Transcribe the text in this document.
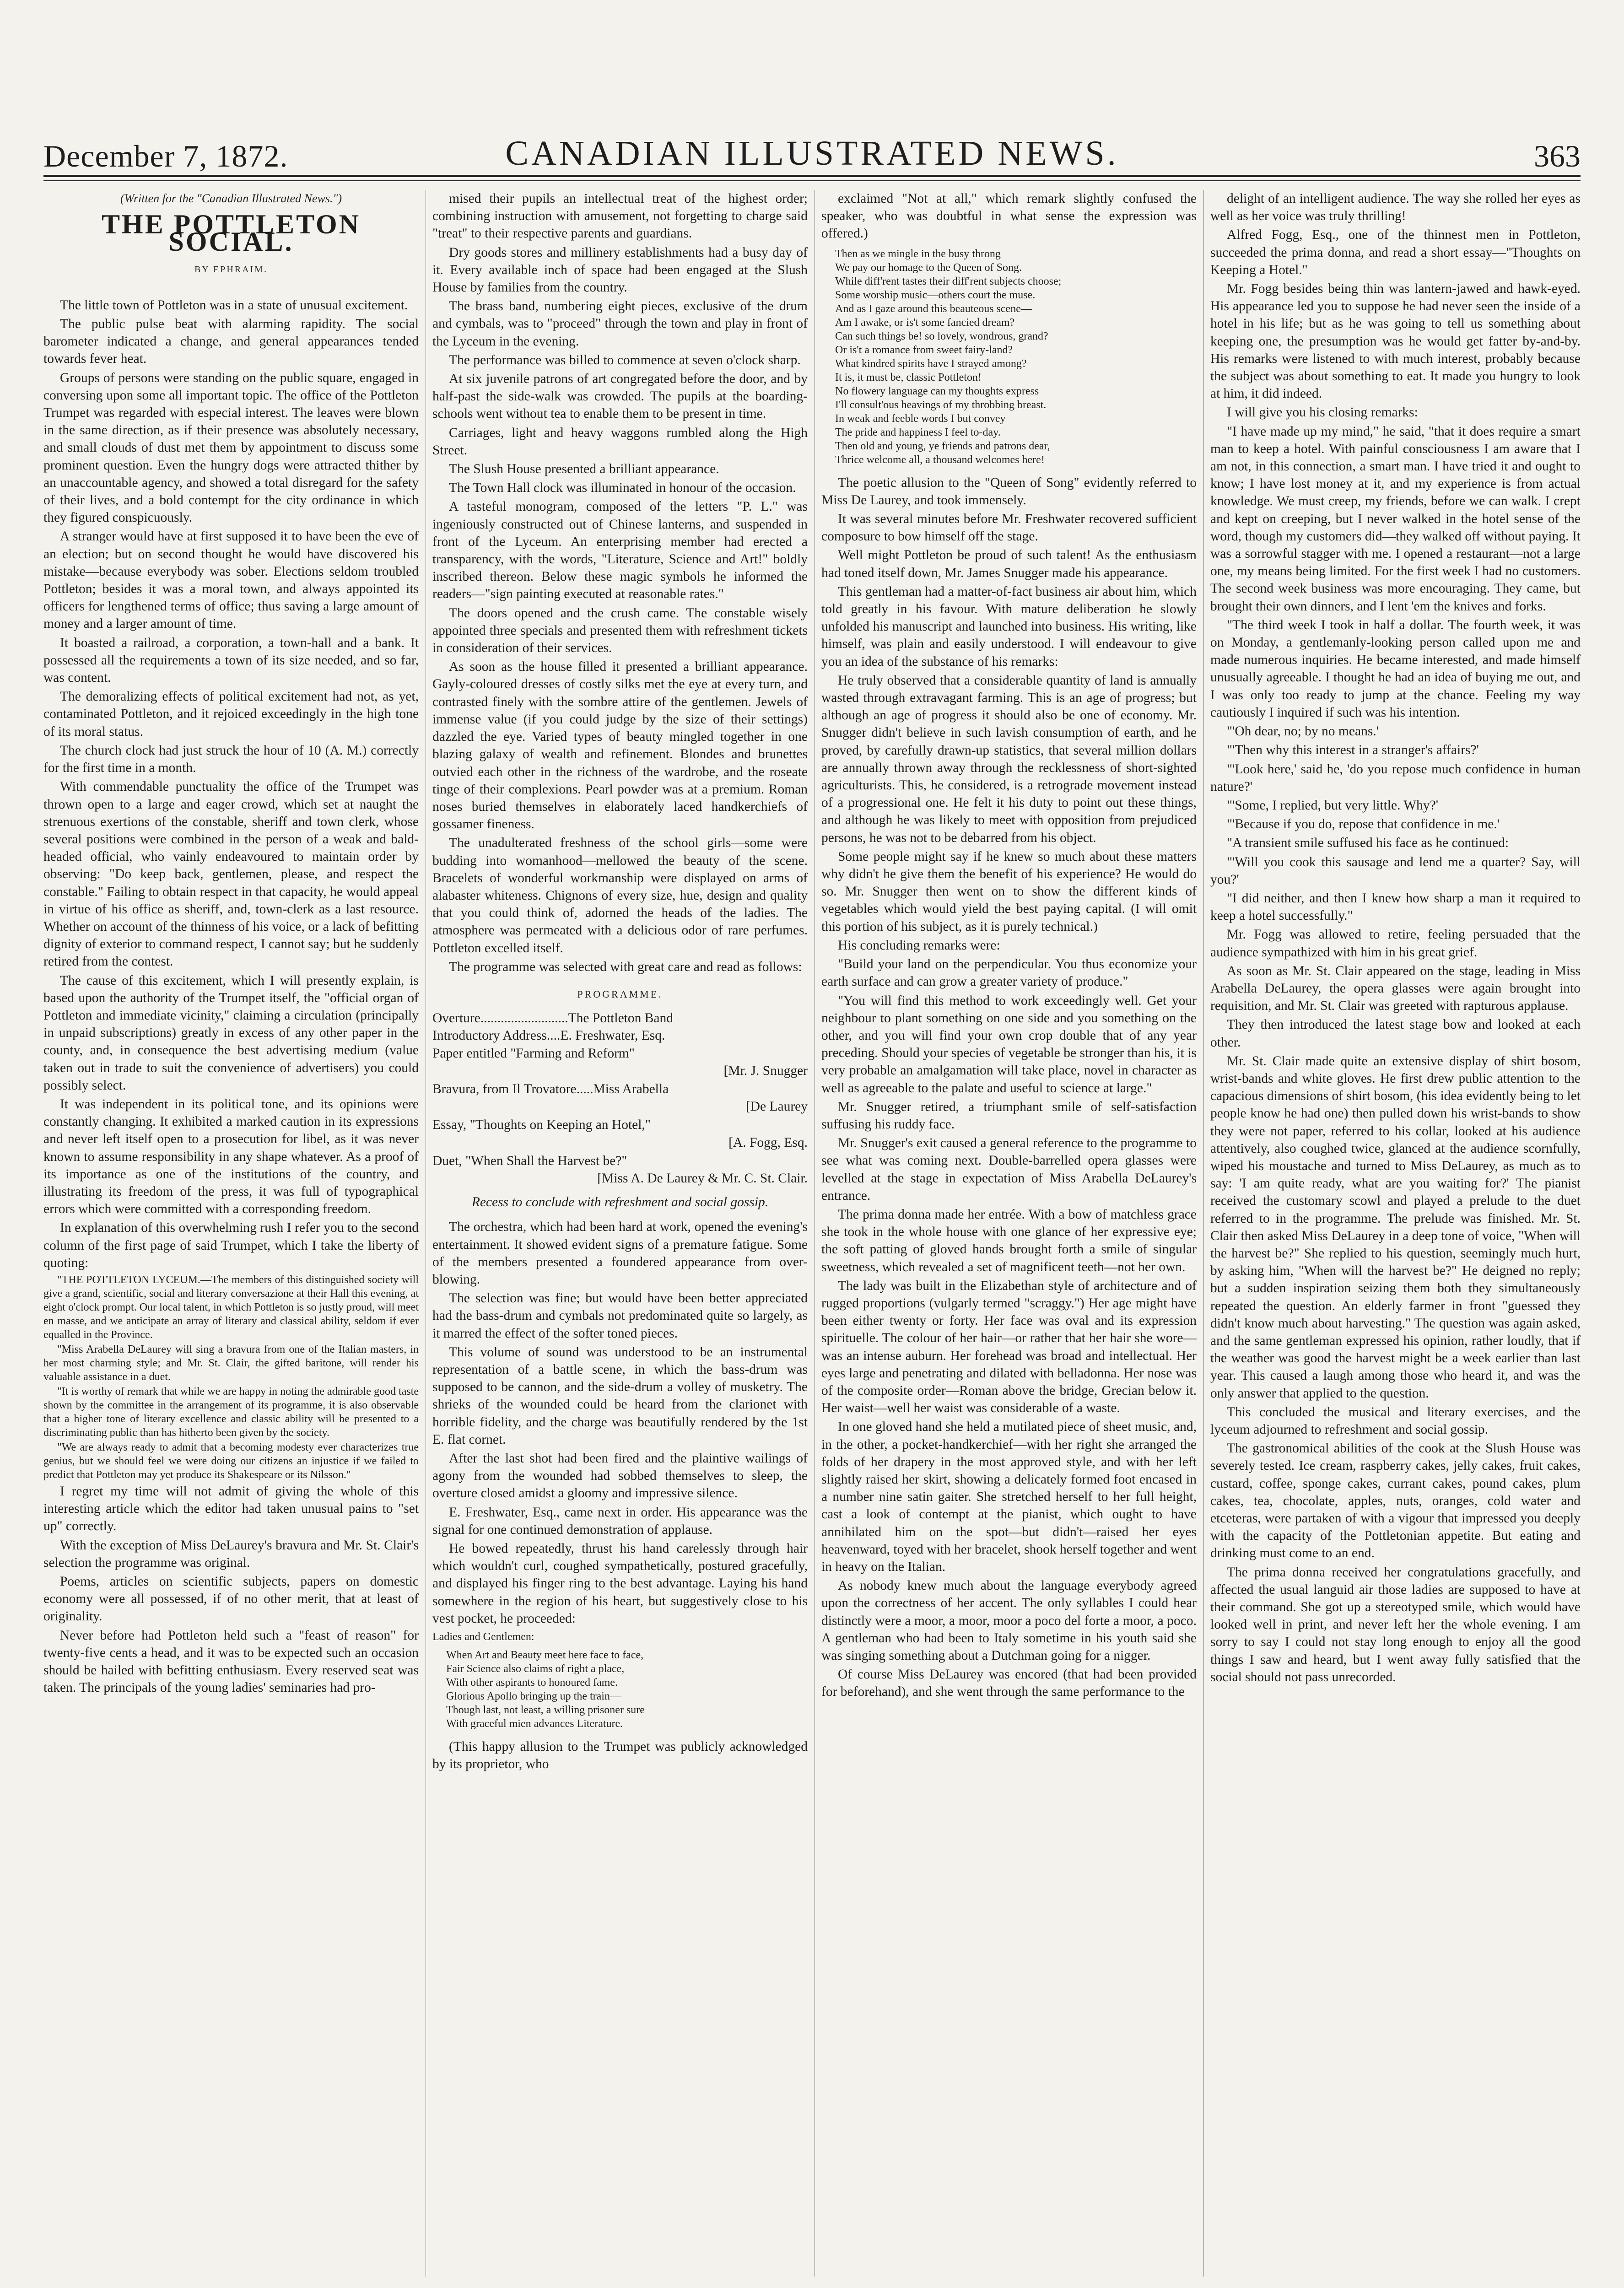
December 7, 1872.	CANADIAN ILLUSTRATED NEWS.	363
(Written for the "Canadian Illustrated News.")
THE POTTLETON SOCIAL.
BY EPHRAIM.

The little town of Pottleton was in a state of unusual excitement.

The public pulse beat with alarming rapidity. The social barometer indicated a change, and general appearances tended towards fever heat.

Groups of persons were standing on the public square, engaged in conversing upon some all important topic. The office of the Pottleton Trumpet was regarded with especial interest. The leaves were blown in the same direction, as if their presence was absolutely necessary, and small clouds of dust met them by appointment to discuss some prominent question. Even the hungry dogs were attracted thither by an unaccountable agency, and showed a total disregard for the safety of their lives, and a bold contempt for the city ordinance in which they figured conspicuously.

A stranger would have at first supposed it to have been the eve of an election; but on second thought he would have discovered his mistake—because everybody was sober. Elections seldom troubled Pottleton; besides it was a moral town, and always appointed its officers for lengthened terms of office; thus saving a large amount of money and a larger amount of time.

It boasted a railroad, a corporation, a town-hall and a bank. It possessed all the requirements a town of its size needed, and so far, was content.

The demoralizing effects of political excitement had not, as yet, contaminated Pottleton, and it rejoiced exceedingly in the high tone of its moral status.

The church clock had just struck the hour of 10 (A. M.) correctly for the first time in a month.

With commendable punctuality the office of the Trumpet was thrown open to a large and eager crowd, which set at naught the strenuous exertions of the constable, sheriff and town clerk, whose several positions were combined in the person of a weak and bald-headed official, who vainly endeavoured to maintain order by observing: "Do keep back, gentlemen, please, and respect the constable." Failing to obtain respect in that capacity, he would appeal in virtue of his office as sheriff, and, town-clerk as a last resource. Whether on account of the thinness of his voice, or a lack of befitting dignity of exterior to command respect, I cannot say; but he suddenly retired from the contest.

The cause of this excitement, which I will presently explain, is based upon the authority of the Trumpet itself, the "official organ of Pottleton and immediate vicinity," claiming a circulation (principally in unpaid subscriptions) greatly in excess of any other paper in the county, and, in consequence the best advertising medium (value taken out in trade to suit the convenience of advertisers) you could possibly select.

It was independent in its political tone, and its opinions were constantly changing. It exhibited a marked caution in its expressions and never left itself open to a prosecution for libel, as it was never known to assume responsibility in any shape whatever. As a proof of its importance as one of the institutions of the country, and illustrating its freedom of the press, it was full of typographical errors which were committed with a corresponding freedom.

In explanation of this overwhelming rush I refer you to the second column of the first page of said Trumpet, which I take the liberty of quoting:

"THE POTTLETON LYCEUM.—The members of this distinguished society will give a grand, scientific, social and literary conversazione at their Hall this evening, at eight o'clock prompt. Our local talent, in which Pottleton is so justly proud, will meet en masse, and we anticipate an array of literary and classical ability, seldom if ever equalled in the Province.

"Miss Arabella DeLaurey will sing a bravura from one of the Italian masters, in her most charming style; and Mr. St. Clair, the gifted baritone, will render his valuable assistance in a duet.

"It is worthy of remark that while we are happy in noting the admirable good taste shown by the committee in the arrangement of its programme, it is also observable that a higher tone of literary excellence and classic ability will be presented to a discriminating public than has hitherto been given by the society.

"We are always ready to admit that a becoming modesty ever characterizes true genius, but we should feel we were doing our citizens an injustice if we failed to predict that Pottleton may yet produce its Shakespeare or its Nilsson."

I regret my time will not admit of giving the whole of this interesting article which the editor had taken unusual pains to "set up" correctly.

With the exception of Miss DeLaurey's bravura and Mr. St. Clair's selection the programme was original.

Poems, articles on scientific subjects, papers on domestic economy were all possessed, if of no other merit, that at least of originality.

Never before had Pottleton held such a "feast of reason" for twenty-five cents a head, and it was to be expected such an occasion should be hailed with befitting enthusiasm. Every reserved seat was taken. The principals of the young ladies' seminaries had pro-

mised their pupils an intellectual treat of the highest order; combining instruction with amusement, not forgetting to charge said "treat" to their respective parents and guardians.

Dry goods stores and millinery establishments had a busy day of it. Every available inch of space had been engaged at the Slush House by families from the country.

The brass band, numbering eight pieces, exclusive of the drum and cymbals, was to "proceed" through the town and play in front of the Lyceum in the evening.

The performance was billed to commence at seven o'clock sharp.

At six juvenile patrons of art congregated before the door, and by half-past the side-walk was crowded. The pupils at the boarding-schools went without tea to enable them to be present in time.

Carriages, light and heavy waggons rumbled along the High Street.

The Slush House presented a brilliant appearance.

The Town Hall clock was illuminated in honour of the occasion.

A tasteful monogram, composed of the letters "P. L." was ingeniously constructed out of Chinese lanterns, and suspended in front of the Lyceum. An enterprising member had erected a transparency, with the words, "Literature, Science and Art!" boldly inscribed thereon. Below these magic symbols he informed the readers—"sign painting executed at reasonable rates."

The doors opened and the crush came. The constable wisely appointed three specials and presented them with refreshment tickets in consideration of their services.

As soon as the house filled it presented a brilliant appearance. Gayly-coloured dresses of costly silks met the eye at every turn, and contrasted finely with the sombre attire of the gentlemen. Jewels of immense value (if you could judge by the size of their settings) dazzled the eye. Varied types of beauty mingled together in one blazing galaxy of wealth and refinement. Blondes and brunettes outvied each other in the richness of the wardrobe, and the roseate tinge of their complexions. Pearl powder was at a premium. Roman noses buried themselves in elaborately laced handkerchiefs of gossamer fineness.

The unadulterated freshness of the school girls—some were budding into womanhood—mellowed the beauty of the scene. Bracelets of wonderful workmanship were displayed on arms of alabaster whiteness. Chignons of every size, hue, design and quality that you could think of, adorned the heads of the ladies. The atmosphere was permeated with a delicious odor of rare perfumes. Pottleton excelled itself.

The programme was selected with great care and read as follows:

PROGRAMME.
Overture..........................The Pottleton Band
Introductory Address....E. Freshwater, Esq.
Paper entitled "Farming and Reform"
[Mr. J. Snugger
Bravura, from Il Trovatore.....Miss Arabella
[De Laurey
Essay, "Thoughts on Keeping an Hotel,"
[A. Fogg, Esq.
Duet, "When Shall the Harvest be?"
[Miss A. De Laurey & Mr. C. St. Clair.
Recess to conclude with refreshment and social gossip.

The orchestra, which had been hard at work, opened the evening's entertainment. It showed evident signs of a premature fatigue. Some of the members presented a foundered appearance from over-blowing.

The selection was fine; but would have been better appreciated had the bass-drum and cymbals not predominated quite so largely, as it marred the effect of the softer toned pieces.

This volume of sound was understood to be an instrumental representation of a battle scene, in which the bass-drum was supposed to be cannon, and the side-drum a volley of musketry. The shrieks of the wounded could be heard from the clarionet with horrible fidelity, and the charge was beautifully rendered by the 1st E. flat cornet.

After the last shot had been fired and the plaintive wailings of agony from the wounded had sobbed themselves to sleep, the overture closed amidst a gloomy and impressive silence.

E. Freshwater, Esq., came next in order. His appearance was the signal for one continued demonstration of applause.

He bowed repeatedly, thrust his hand carelessly through hair which wouldn't curl, coughed sympathetically, postured gracefully, and displayed his finger ring to the best advantage. Laying his hand somewhere in the region of his heart, but suggestively close to his vest pocket, he proceeded:

Ladies and Gentlemen:
When Art and Beauty meet here face to face,
Fair Science also claims of right a place,
With other aspirants to honoured fame.
Glorious Apollo bringing up the train—
Though last, not least, a willing prisoner sure
With graceful mien advances Literature.

(This happy allusion to the Trumpet was publicly acknowledged by its proprietor, who

exclaimed "Not at all," which remark slightly confused the speaker, who was doubtful in what sense the expression was offered.)

Then as we mingle in the busy throng
We pay our homage to the Queen of Song.
While diff'rent tastes their diff'rent subjects choose;
Some worship music—others court the muse.
And as I gaze around this beauteous scene—
Am I awake, or is't some fancied dream?
Can such things be! so lovely, wondrous, grand?
Or is't a romance from sweet fairy-land?
What kindred spirits have I strayed among?
It is, it must be, classic Pottleton!
No flowery language can my thoughts express
I'll consult'ous heavings of my throbbing breast.
In weak and feeble words I but convey
The pride and happiness I feel to-day.
Then old and young, ye friends and patrons dear,
Thrice welcome all, a thousand welcomes here!

The poetic allusion to the "Queen of Song" evidently referred to Miss De Laurey, and took immensely.

It was several minutes before Mr. Freshwater recovered sufficient composure to bow himself off the stage.

Well might Pottleton be proud of such talent! As the enthusiasm had toned itself down, Mr. James Snugger made his appearance.

This gentleman had a matter-of-fact business air about him, which told greatly in his favour. With mature deliberation he slowly unfolded his manuscript and launched into business. His writing, like himself, was plain and easily understood. I will endeavour to give you an idea of the substance of his remarks:

He truly observed that a considerable quantity of land is annually wasted through extravagant farming. This is an age of progress; but although an age of progress it should also be one of economy. Mr. Snugger didn't believe in such lavish consumption of earth, and he proved, by carefully drawn-up statistics, that several million dollars are annually thrown away through the recklessness of short-sighted agriculturists. This, he considered, is a retrograde movement instead of a progressional one. He felt it his duty to point out these things, and although he was likely to meet with opposition from prejudiced persons, he was not to be debarred from his object.

Some people might say if he knew so much about these matters why didn't he give them the benefit of his experience? He would do so. Mr. Snugger then went on to show the different kinds of vegetables which would yield the best paying capital. (I will omit this portion of his subject, as it is purely technical.)

His concluding remarks were:

"Build your land on the perpendicular. You thus economize your earth surface and can grow a greater variety of produce."

"You will find this method to work exceedingly well. Get your neighbour to plant something on one side and you something on the other, and you will find your own crop double that of any year preceding. Should your species of vegetable be stronger than his, it is very probable an amalgamation will take place, novel in character as well as agreeable to the palate and useful to science at large."

Mr. Snugger retired, a triumphant smile of self-satisfaction suffusing his ruddy face.

Mr. Snugger's exit caused a general reference to the programme to see what was coming next. Double-barrelled opera glasses were levelled at the stage in expectation of Miss Arabella DeLaurey's entrance.

The prima donna made her entrée. With a bow of matchless grace she took in the whole house with one glance of her expressive eye; the soft patting of gloved hands brought forth a smile of singular sweetness, which revealed a set of magnificent teeth—not her own.

The lady was built in the Elizabethan style of architecture and of rugged proportions (vulgarly termed "scraggy.") Her age might have been either twenty or forty. Her face was oval and its expression spirituelle. The colour of her hair—or rather that her hair she wore—was an intense auburn. Her forehead was broad and intellectual. Her eyes large and penetrating and dilated with belladonna. Her nose was of the composite order—Roman above the bridge, Grecian below it. Her waist—well her waist was considerable of a waste.

In one gloved hand she held a mutilated piece of sheet music, and, in the other, a pocket-handkerchief—with her right she arranged the folds of her drapery in the most approved style, and with her left slightly raised her skirt, showing a delicately formed foot encased in a number nine satin gaiter. She stretched herself to her full height, cast a look of contempt at the pianist, which ought to have annihilated him on the spot—but didn't—raised her eyes heavenward, toyed with her bracelet, shook herself together and went in heavy on the Italian.

As nobody knew much about the language everybody agreed upon the correctness of her accent. The only syllables I could hear distinctly were a moor, a moor, moor a poco del forte a moor, a poco. A gentleman who had been to Italy sometime in his youth said she was singing something about a Dutchman going for a nigger.

Of course Miss DeLaurey was encored (that had been provided for beforehand), and she went through the same performance to the

delight of an intelligent audience. The way she rolled her eyes as well as her voice was truly thrilling!

Alfred Fogg, Esq., one of the thinnest men in Pottleton, succeeded the prima donna, and read a short essay—"Thoughts on Keeping a Hotel."

Mr. Fogg besides being thin was lantern-jawed and hawk-eyed. His appearance led you to suppose he had never seen the inside of a hotel in his life; but as he was going to tell us something about keeping one, the presumption was he would get fatter by-and-by. His remarks were listened to with much interest, probably because the subject was about something to eat. It made you hungry to look at him, it did indeed.

I will give you his closing remarks:

"I have made up my mind," he said, "that it does require a smart man to keep a hotel. With painful consciousness I am aware that I am not, in this connection, a smart man. I have tried it and ought to know; I have lost money at it, and my experience is from actual knowledge. We must creep, my friends, before we can walk. I crept and kept on creeping, but I never walked in the hotel sense of the word, though my customers did—they walked off without paying. It was a sorrowful stagger with me. I opened a restaurant—not a large one, my means being limited. For the first week I had no customers. The second week business was more encouraging. They came, but brought their own dinners, and I lent 'em the knives and forks.

"The third week I took in half a dollar. The fourth week, it was on Monday, a gentlemanly-looking person called upon me and made numerous inquiries. He became interested, and made himself unusually agreeable. I thought he had an idea of buying me out, and I was only too ready to jump at the chance. Feeling my way cautiously I inquired if such was his intention.

"'Oh dear, no; by no means.'

"'Then why this interest in a stranger's affairs?'

"'Look here,' said he, 'do you repose much confidence in human nature?'

"'Some, I replied, but very little. Why?'

"'Because if you do, repose that confidence in me.'

"A transient smile suffused his face as he continued:

"'Will you cook this sausage and lend me a quarter? Say, will you?'

"I did neither, and then I knew how sharp a man it required to keep a hotel successfully."

Mr. Fogg was allowed to retire, feeling persuaded that the audience sympathized with him in his great grief.

As soon as Mr. St. Clair appeared on the stage, leading in Miss Arabella DeLaurey, the opera glasses were again brought into requisition, and Mr. St. Clair was greeted with rapturous applause.

They then introduced the latest stage bow and looked at each other.

Mr. St. Clair made quite an extensive display of shirt bosom, wrist-bands and white gloves. He first drew public attention to the capacious dimensions of shirt bosom, (his idea evidently being to let people know he had one) then pulled down his wrist-bands to show they were not paper, referred to his collar, looked at his audience attentively, also coughed twice, glanced at the audience scornfully, wiped his moustache and turned to Miss DeLaurey, as much as to say: 'I am quite ready, what are you waiting for?' The pianist received the customary scowl and played a prelude to the duet referred to in the programme. The prelude was finished. Mr. St. Clair then asked Miss DeLaurey in a deep tone of voice, "When will the harvest be?" She replied to his question, seemingly much hurt, by asking him, "When will the harvest be?" He deigned no reply; but a sudden inspiration seizing them both they simultaneously repeated the question. An elderly farmer in front "guessed they didn't know much about harvesting." The question was again asked, and the same gentleman expressed his opinion, rather loudly, that if the weather was good the harvest might be a week earlier than last year. This caused a laugh among those who heard it, and was the only answer that applied to the question.

This concluded the musical and literary exercises, and the lyceum adjourned to refreshment and social gossip.

The gastronomical abilities of the cook at the Slush House was severely tested. Ice cream, raspberry cakes, jelly cakes, fruit cakes, custard, coffee, sponge cakes, currant cakes, pound cakes, plum cakes, tea, chocolate, apples, nuts, oranges, cold water and etceteras, were partaken of with a vigour that impressed you deeply with the capacity of the Pottletonian appetite. But eating and drinking must come to an end.

The prima donna received her congratulations gracefully, and affected the usual languid air those ladies are supposed to have at their command. She got up a stereotyped smile, which would have looked well in print, and never left her the whole evening. I am sorry to say I could not stay long enough to enjoy all the good things I saw and heard, but I went away fully satisfied that the social should not pass unrecorded.
